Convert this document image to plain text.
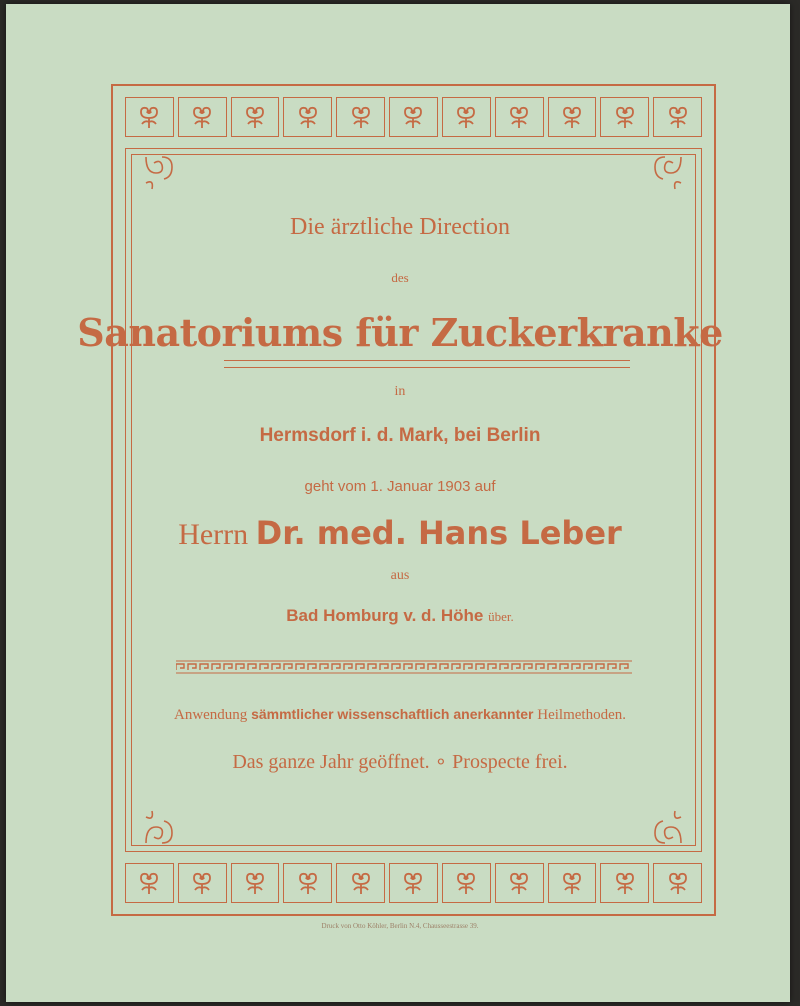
Die ärztliche Direction
des
Sanatoriums für Zuckerkranke
in
Hermsdorf i. d. Mark, bei Berlin
geht vom 1. Januar 1903 auf
Herrn Dr. med. Hans Leber
aus
Bad Homburg v. d. Höhe über.
Anwendung sämmtlicher wissenschaftlich anerkannter Heilmethoden.
Das ganze Jahr geöffnet. ∘ Prospecte frei.
Druck von Otto Köhler, Berlin N.4, Chausseestrasse 39.
